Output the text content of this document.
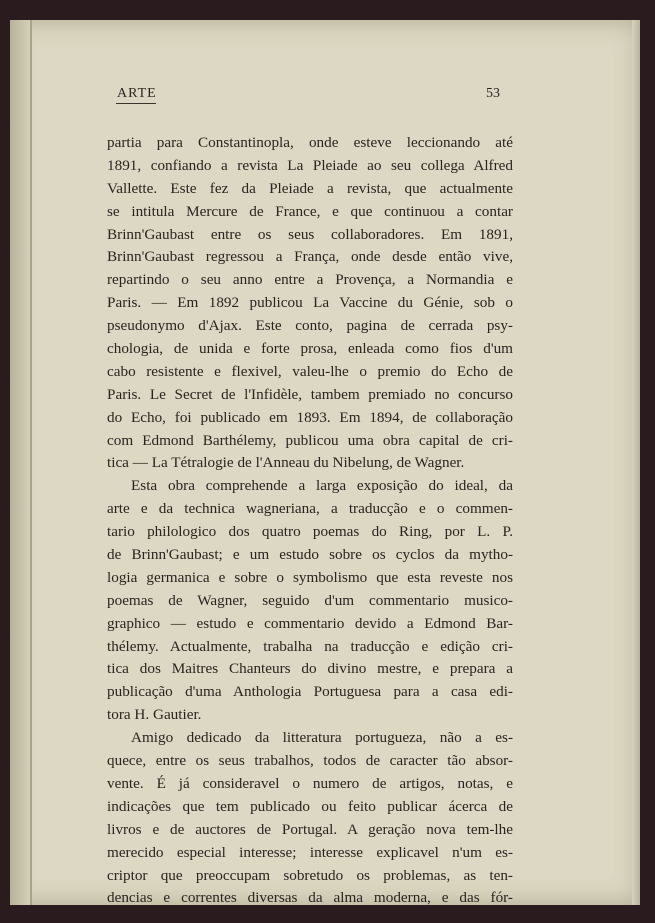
ARTE	53
partia para Constantinopla, onde esteve leccionando até
1891, confiando a revista La Pleiade ao seu collega Alfred
Vallette. Este fez da Pleiade a revista, que actualmente
se intitula Mercure de France, e que continuou a contar
Brinn'Gaubast entre os seus collaboradores. Em 1891,
Brinn'Gaubast regressou a França, onde desde então vive,
repartindo o seu anno entre a Provença, a Normandia e
Paris. — Em 1892 publicou La Vaccine du Génie, sob o
pseudonymo d'Ajax. Este conto, pagina de cerrada psy-
chologia, de unida e forte prosa, enleada como fios d'um
cabo resistente e flexivel, valeu-lhe o premio do Echo de
Paris. Le Secret de l'Infidèle, tambem premiado no concurso
do Echo, foi publicado em 1893. Em 1894, de collaboração
com Edmond Barthélemy, publicou uma obra capital de cri-
tica — La Tétralogie de l'Anneau du Nibelung, de Wagner.
Esta obra comprehende a larga exposição do ideal, da
arte e da technica wagneriana, a traducção e o commen-
tario philologico dos quatro poemas do Ring, por L. P.
de Brinn'Gaubast; e um estudo sobre os cyclos da mytho-
logia germanica e sobre o symbolismo que esta reveste nos
poemas de Wagner, seguido d'um commentario musico-
graphico — estudo e commentario devido a Edmond Bar-
thélemy. Actualmente, trabalha na traducção e edição cri-
tica dos Maitres Chanteurs do divino mestre, e prepara a
publicação d'uma Anthologia Portuguesa para a casa edi-
tora H. Gautier.
Amigo dedicado da litteratura portugueza, não a es-
quece, entre os seus trabalhos, todos de caracter tão absor-
vente. É já consideravel o numero de artigos, notas, e
indicações que tem publicado ou feito publicar ácerca de
livros e de auctores de Portugal. A geração nova tem-lhe
merecido especial interesse; interesse explicavel n'um es-
criptor que preoccupam sobretudo os problemas, as ten-
dencias e correntes diversas da alma moderna, e das fór-
